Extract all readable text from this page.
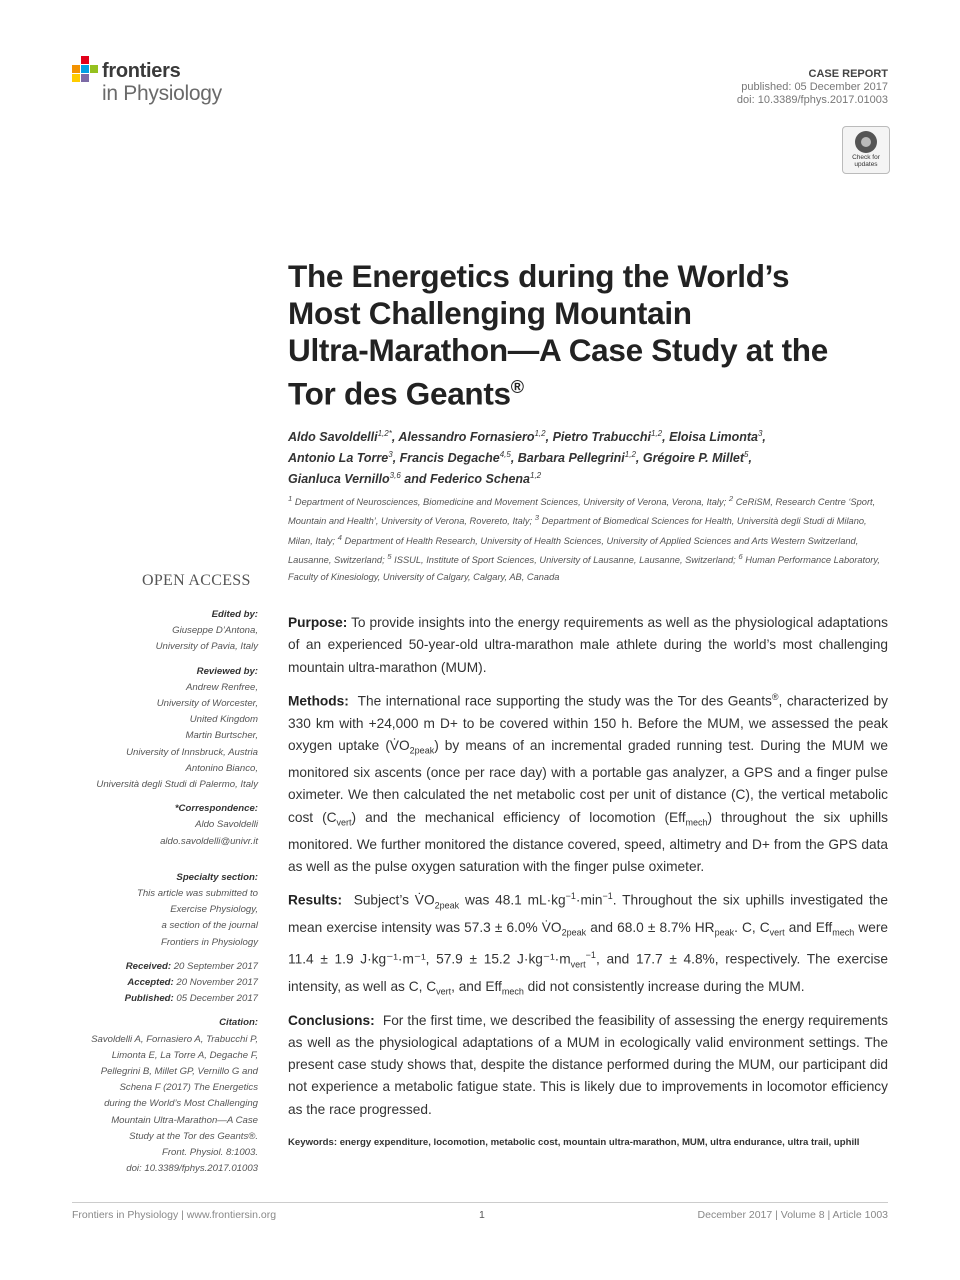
frontiers
in Physiology
CASE REPORT
published: 05 December 2017
doi: 10.3389/fphys.2017.01003
Check for
updates
The Energetics during the World’s
Most Challenging Mountain
Ultra-Marathon—A Case Study at the
Tor des Geants®
Aldo Savoldelli$^{1,2*}$, Alessandro Fornasiero$^{1,2}$, Pietro Trabucchi$^{1,2}$, Eloisa Limonta$^3$,
Antonio La Torre$^3$, Francis Degache$^{4,5}$, Barbara Pellegrini$^{1,2}$, Grégoire P. Millet$^5$,
Gianluca Vernillo$^{3,6}$ and Federico Schena$^{1,2}$
$^1$ Department of Neurosciences, Biomedicine and Movement Sciences, University of Verona, Verona, Italy; $^2$ CeRiSM, Research Centre ‘Sport, Mountain and Health’, University of Verona, Rovereto, Italy; $^3$ Department of Biomedical Sciences for Health, Università degli Studi di Milano, Milan, Italy; $^4$ Department of Health Research, University of Health Sciences, University of Applied Sciences and Arts Western Switzerland, Lausanne, Switzerland; $^5$ ISSUL, Institute of Sport Sciences, University of Lausanne, Lausanne, Switzerland; $^6$ Human Performance Laboratory, Faculty of Kinesiology, University of Calgary, Calgary, AB, Canada
OPEN ACCESS
Edited by:
Giuseppe D’Antona,
University of Pavia, Italy
Reviewed by:
Andrew Renfree,
University of Worcester,
United Kingdom
Martin Burtscher,
University of Innsbruck, Austria
Antonino Bianco,
Università degli Studi di Palermo, Italy
*Correspondence:
Aldo Savoldelli
aldo.savoldelli@univr.it
Specialty section:
This article was submitted to
Exercise Physiology,
a section of the journal
Frontiers in Physiology
Received: 20 September 2017
Accepted: 20 November 2017
Published: 05 December 2017
Citation:
Savoldelli A, Fornasiero A, Trabucchi P,
Limonta E, La Torre A, Degache F,
Pellegrini B, Millet GP, Vernillo G and
Schena F (2017) The Energetics
during the World’s Most Challenging
Mountain Ultra-Marathon—A Case
Study at the Tor des Geants®.
Front. Physiol. 8:1003.
doi: 10.3389/fphys.2017.01003

Purpose: To provide insights into the energy requirements as well as the physiological adaptations of an experienced 50-year-old ultra-marathon male athlete during the world’s most challenging mountain ultra-marathon (MUM).

Methods: The international race supporting the study was the Tor des Geants®, characterized by 330 km with +24,000 m D+ to be covered within 150 h. Before the MUM, we assessed the peak oxygen uptake $(V̇O_{2peak})$ by means of an incremental graded running test. During the MUM we monitored six ascents (once per race day) with a portable gas analyzer, a GPS and a finger pulse oximeter. We then calculated the net metabolic cost per unit of distance (C), the vertical metabolic cost $(C_{vert})$ and the mechanical efficiency of locomotion (Eff$_{mech}$) throughout the six uphills monitored. We further monitored the distance covered, speed, altimetry and D+ from the GPS data as well as the pulse oxygen saturation with the finger pulse oximeter.

Results: Subject’s $V̇O_{2peak}$ was 48.1 $mL\cdot kg^{-1}\cdot\min^{-1}$. Throughout the six uphills investigated the mean exercise intensity was 57.3 ± 6.0% $V̇O_{2peak}$ and 68.0 ± 8.7% $HR_{peak}$. C, $C_{vert}$ and Eff$_{mech}$ were 11.4 ± 1.9 J·kg⁻¹·m⁻¹, 57.9 ± 15.2 $J\cdot kg^{-1}\cdot m_{vert}^{-1}$, and 17.7 ± 4.8%, respectively. The exercise intensity, as well as C, $C_{vert}$, and Eff$_{mech}$ did not consistently increase during the MUM.

Conclusions: For the first time, we described the feasibility of assessing the energy requirements as well as the physiological adaptations of a MUM in ecologically valid environment settings. The present case study shows that, despite the distance performed during the MUM, our participant did not experience a metabolic fatigue state. This is likely due to improvements in locomotor efficiency as the race progressed.

Keywords: energy expenditure, locomotion, metabolic cost, mountain ultra-marathon, MUM, ultra endurance, ultra trail, uphill
Frontiers in Physiology | www.frontiersin.org	1	December 2017 | Volume 8 | Article 1003
